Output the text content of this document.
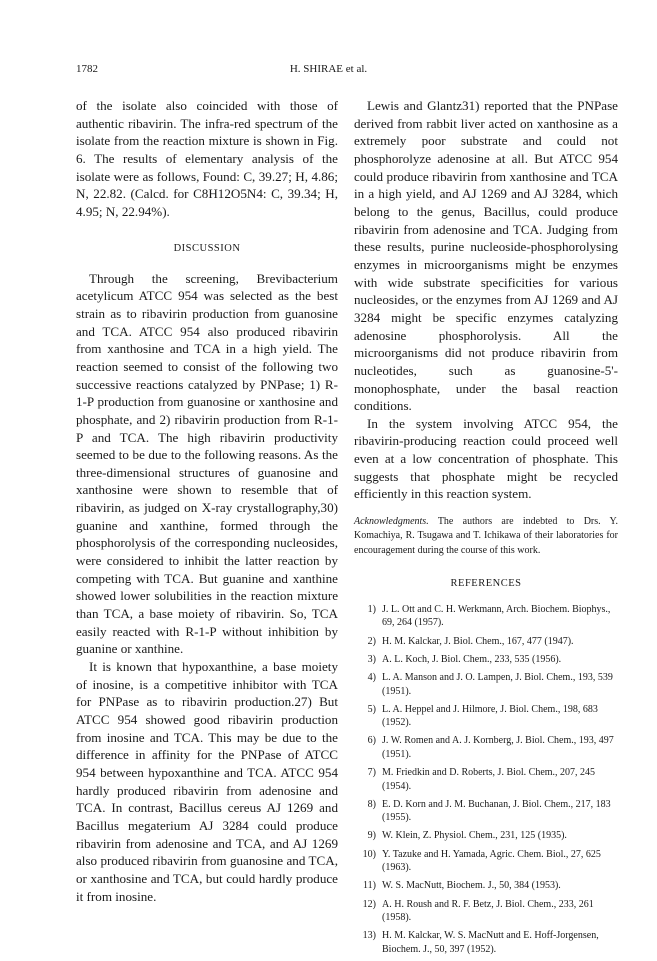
1782	H. SHIRAE et al.

of the isolate also coincided with those of authentic ribavirin. The infra-red spectrum of the isolate from the reaction mixture is shown in Fig. 6. The results of elementary analysis of the isolate were as follows, Found: C, 39.27; H, 4.86; N, 22.82. (Calcd. for C8H12O5N4: C, 39.34; H, 4.95; N, 22.94%).

DISCUSSION

Through the screening, Brevibacterium acetylicum ATCC 954 was selected as the best strain as to ribavirin production from guanosine and TCA. ATCC 954 also produced ribavirin from xanthosine and TCA in a high yield. The reaction seemed to consist of the following two successive reactions catalyzed by PNPase; 1) R-1-P production from guanosine or xanthosine and phosphate, and 2) ribavirin production from R-1-P and TCA. The high ribavirin productivity seemed to be due to the following reasons. As the three-dimensional structures of guanosine and xanthosine were shown to resemble that of ribavirin, as judged on X-ray crystallography,30) guanine and xanthine, formed through the phosphorolysis of the corresponding nucleosides, were considered to inhibit the latter reaction by competing with TCA. But guanine and xanthine showed lower solubilities in the reaction mixture than TCA, a base moiety of ribavirin. So, TCA easily reacted with R-1-P without inhibition by guanine or xanthine.

It is known that hypoxanthine, a base moiety of inosine, is a competitive inhibitor with TCA for PNPase as to ribavirin production.27) But ATCC 954 showed good ribavirin production from inosine and TCA. This may be due to the difference in affinity for the PNPase of ATCC 954 between hypoxanthine and TCA. ATCC 954 hardly produced ribavirin from adenosine and TCA. In contrast, Bacillus cereus AJ 1269 and Bacillus megaterium AJ 3284 could produce ribavirin from adenosine and TCA, and AJ 1269 also produced ribavirin from guanosine and TCA, or xanthosine and TCA, but could hardly produce it from inosine.

Lewis and Glantz31) reported that the PNPase derived from rabbit liver acted on xanthosine as a extremely poor substrate and could not phosphorolyze adenosine at all. But ATCC 954 could produce ribavirin from xanthosine and TCA in a high yield, and AJ 1269 and AJ 3284, which belong to the genus, Bacillus, could produce ribavirin from adenosine and TCA. Judging from these results, purine nucleoside-phosphorolysing enzymes in microorganisms might be enzymes with wide substrate specificities for various nucleosides, or the enzymes from AJ 1269 and AJ 3284 might be specific enzymes catalyzing adenosine phosphorolysis. All the microorganisms did not produce ribavirin from nucleotides, such as guanosine-5'-monophosphate, under the basal reaction conditions.

In the system involving ATCC 954, the ribavirin-producing reaction could proceed well even at a low concentration of phosphate. This suggests that phosphate might be recycled efficiently in this reaction system.

Acknowledgments. The authors are indebted to Drs. Y. Komachiya, R. Tsugawa and T. Ichikawa of their laboratories for encouragement during the course of this work.
REFERENCES
1) J. L. Ott and C. H. Werkmann, Arch. Biochem. Biophys., 69, 264 (1957).
2) H. M. Kalckar, J. Biol. Chem., 167, 477 (1947).
3) A. L. Koch, J. Biol. Chem., 233, 535 (1956).
4) L. A. Manson and J. O. Lampen, J. Biol. Chem., 193, 539 (1951).
5) L. A. Heppel and J. Hilmore, J. Biol. Chem., 198, 683 (1952).
6) J. W. Romen and A. J. Kornberg, J. Biol. Chem., 193, 497 (1951).
7) M. Friedkin and D. Roberts, J. Biol. Chem., 207, 245 (1954).
8) E. D. Korn and J. M. Buchanan, J. Biol. Chem., 217, 183 (1955).
9) W. Klein, Z. Physiol. Chem., 231, 125 (1935).
10) Y. Tazuke and H. Yamada, Agric. Chem. Biol., 27, 625 (1963).
11) W. S. MacNutt, Biochem. J., 50, 384 (1953).
12) A. H. Roush and R. F. Betz, J. Biol. Chem., 233, 261 (1958).
13) H. M. Kalckar, W. S. MacNutt and E. Hoff-Jorgensen, Biochem. J., 50, 397 (1952).
